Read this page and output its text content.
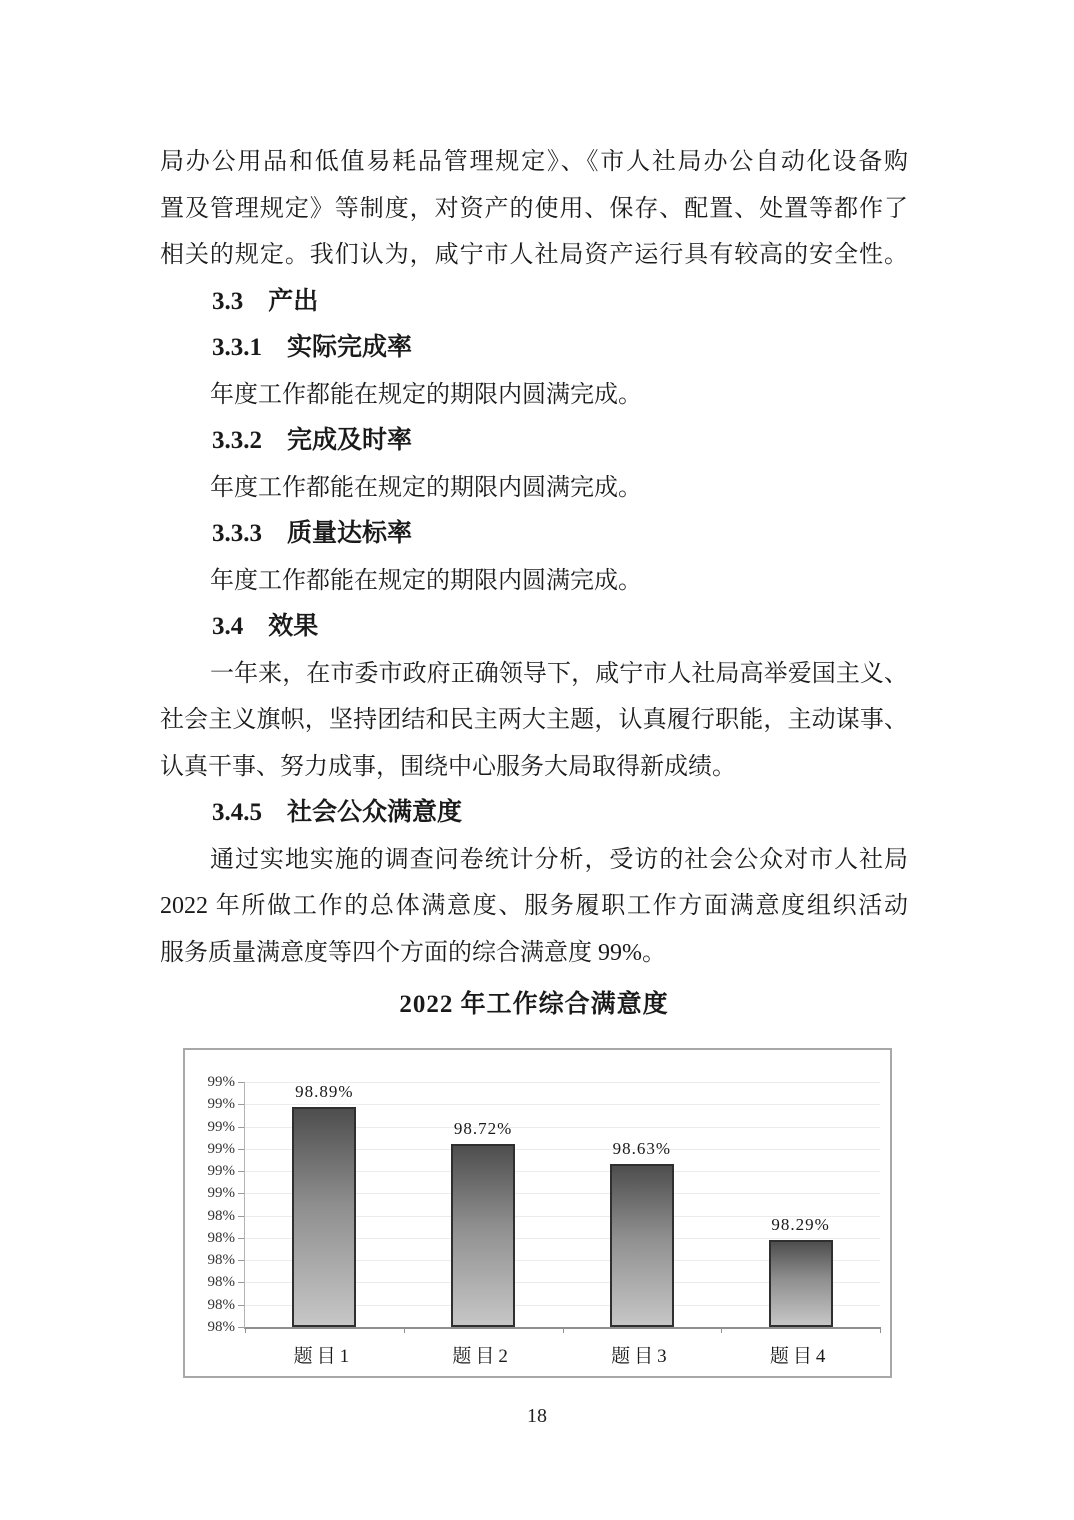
局办公用品和低值易耗品管理规定》、《市人社局办公自动化设备购
置及管理规定》等制度，对资产的使用、保存、配置、处置等都作了
相关的规定。我们认为，咸宁市人社局资产运行具有较高的安全性。
3.3　产出
3.3.1　实际完成率
年度工作都能在规定的期限内圆满完成。
3.3.2　完成及时率
年度工作都能在规定的期限内圆满完成。
3.3.3　质量达标率
年度工作都能在规定的期限内圆满完成。
3.4　效果
一年来，在市委市政府正确领导下，咸宁市人社局高举爱国主义、
社会主义旗帜，坚持团结和民主两大主题，认真履行职能，主动谋事、
认真干事、努力成事，围绕中心服务大局取得新成绩。
3.4.5　社会公众满意度
通过实地实施的调查问卷统计分析，受访的社会公众对市人社局
2022 年所做工作的总体满意度、服务履职工作方面满意度组织活动
服务质量满意度等四个方面的综合满意度 99%。
2022 年工作综合满意度
98.89%
98.72%
98.63%
98.29%
99%
99%
99%
99%
99%
99%
98%
98%
98%
98%
98%
98%
题目1	题目2	题目3	题目4
18
